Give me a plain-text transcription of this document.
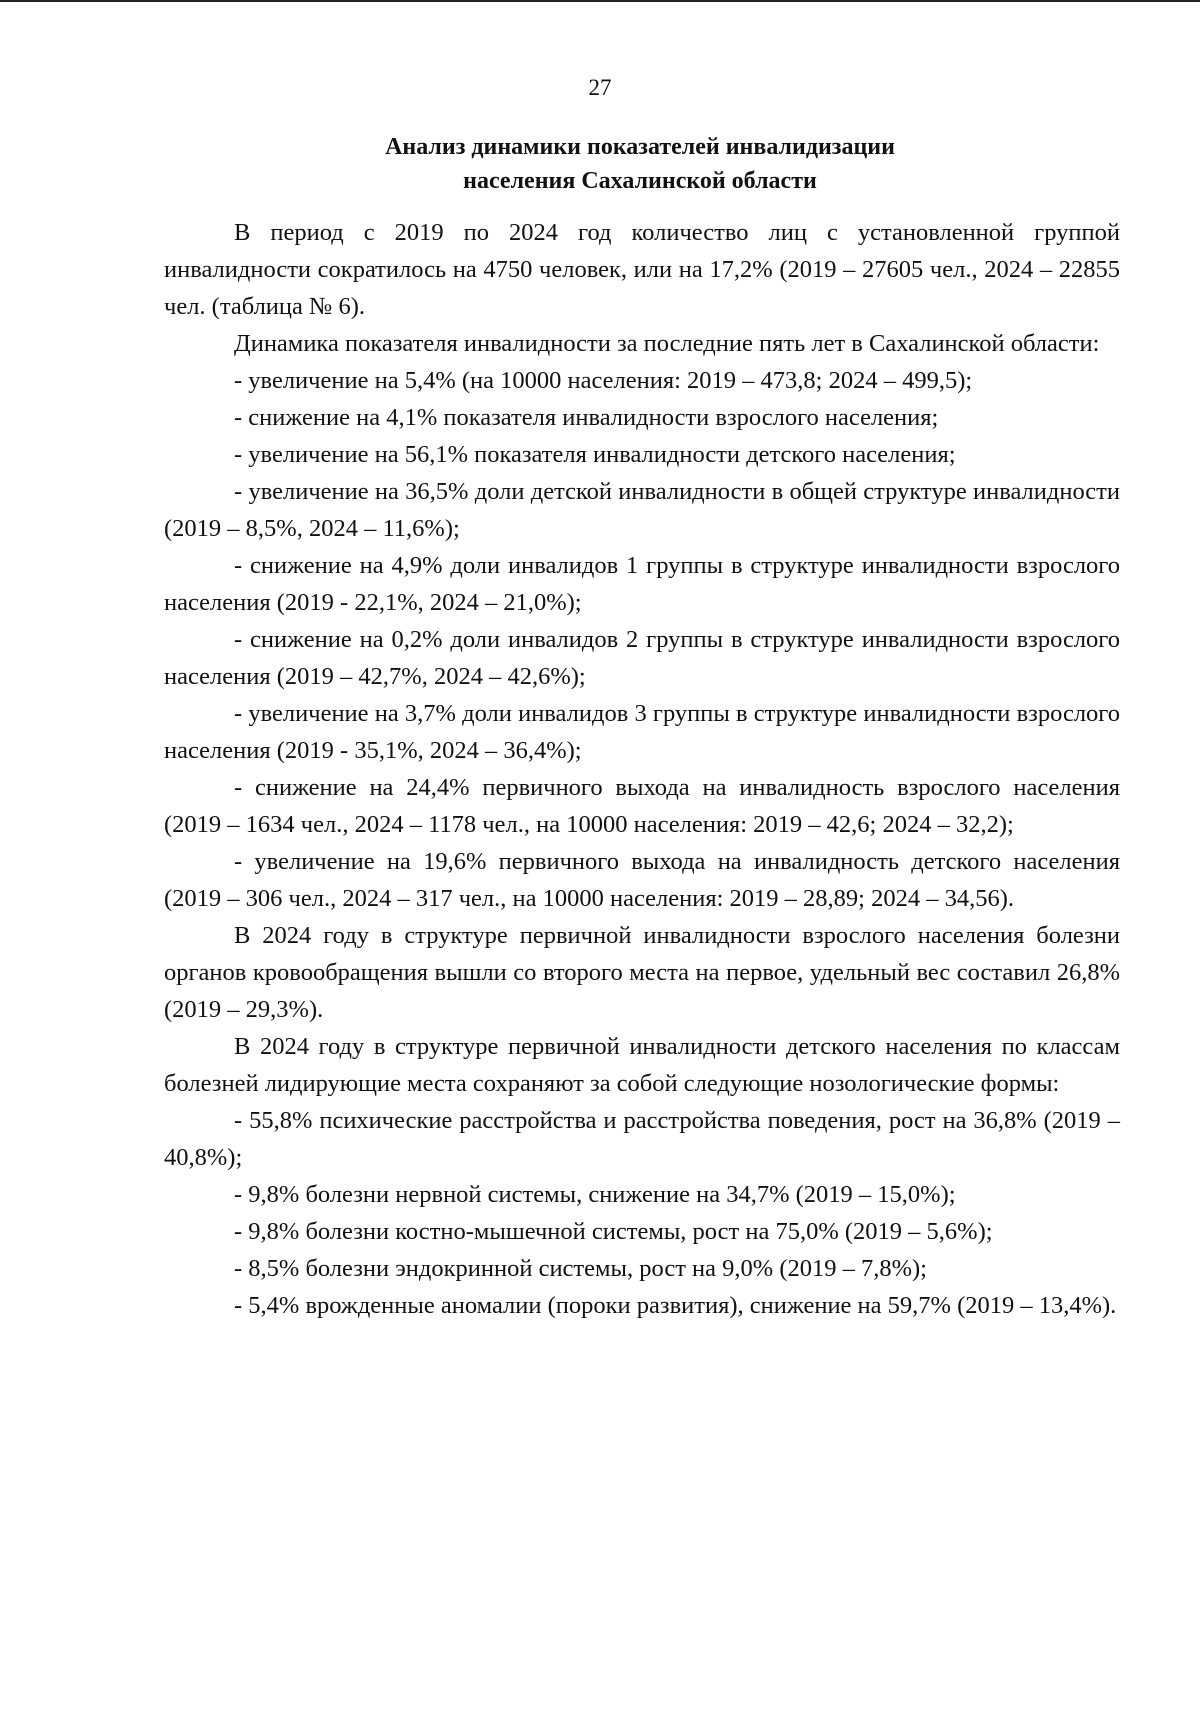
27
Анализ динамики показателей инвалидизации
населения Сахалинской области

В период с 2019 по 2024 год количество лиц с установленной группой инвалидности сократилось на 4750 человек, или на 17,2% (2019 – 27605 чел., 2024 – 22855 чел. (таблица № 6).

Динамика показателя инвалидности за последние пять лет в Сахалинской области:

- увеличение на 5,4% (на 10000 населения: 2019 – 473,8; 2024 – 499,5);

- снижение на 4,1% показателя инвалидности взрослого населения;

- увеличение на 56,1% показателя инвалидности детского населения;

- увеличение на 36,5% доли детской инвалидности в общей структуре инвалидности (2019 – 8,5%, 2024 – 11,6%);

- снижение на 4,9% доли инвалидов 1 группы в структуре инвалидности взрослого населения (2019 - 22,1%, 2024 – 21,0%);

- снижение на 0,2% доли инвалидов 2 группы в структуре инвалидности взрослого населения (2019 – 42,7%, 2024 – 42,6%);

- увеличение на 3,7% доли инвалидов 3 группы в структуре инвалидности взрослого населения (2019 - 35,1%, 2024 – 36,4%);

- снижение на 24,4% первичного выхода на инвалидность взрослого населения (2019 – 1634 чел., 2024 – 1178 чел., на 10000 населения: 2019 – 42,6; 2024 – 32,2);

- увеличение на 19,6% первичного выхода на инвалидность детского населения (2019 – 306 чел., 2024 – 317 чел., на 10000 населения: 2019 – 28,89; 2024 – 34,56).

В 2024 году в структуре первичной инвалидности взрослого населения болезни органов кровообращения вышли со второго места на первое, удельный вес составил 26,8% (2019 – 29,3%).

В 2024 году в структуре первичной инвалидности детского населения по классам болезней лидирующие места сохраняют за собой следующие нозологические формы:

- 55,8% психические расстройства и расстройства поведения, рост на 36,8% (2019 – 40,8%);

- 9,8% болезни нервной системы, снижение на 34,7% (2019 – 15,0%);

- 9,8% болезни костно-мышечной системы, рост на 75,0% (2019 – 5,6%);

- 8,5% болезни эндокринной системы, рост на 9,0% (2019 – 7,8%);

- 5,4% врожденные аномалии (пороки развития), снижение на 59,7% (2019 – 13,4%).
